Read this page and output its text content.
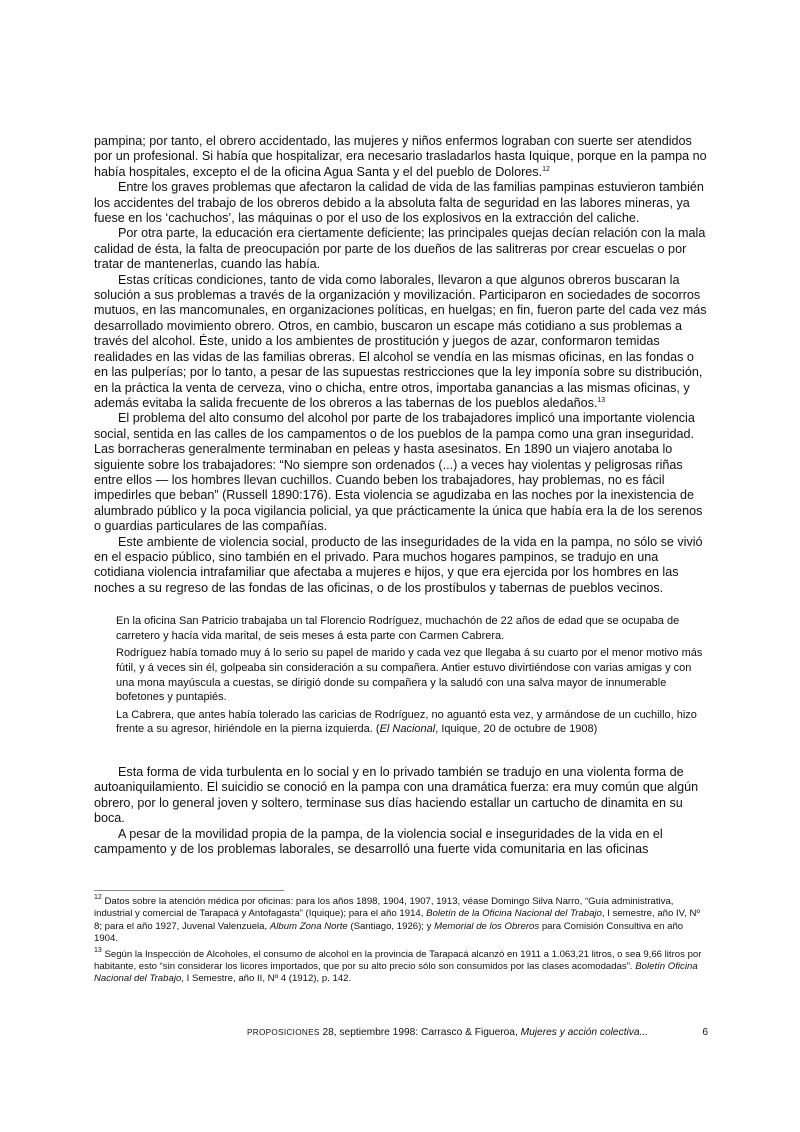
pampina; por tanto, el obrero accidentado, las mujeres y niños enfermos lograban con suerte ser atendidos por un profesional. Si había que hospitalizar, era necesario trasladarlos hasta Iquique, porque en la pampa no había hospitales, excepto el de la oficina Agua Santa y el del pueblo de Dolores.$^{12}$

Entre los graves problemas que afectaron la calidad de vida de las familias pampinas estuvieron también los accidentes del trabajo de los obreros debido a la absoluta falta de seguridad en las labores mineras, ya fuese en los ‘cachuchos’, las máquinas o por el uso de los explosivos en la extracción del caliche.

Por otra parte, la educación era ciertamente deficiente; las principales quejas decían relación con la mala calidad de ésta, la falta de preocupación por parte de los dueños de las salitreras por crear escuelas o por tratar de mantenerlas, cuando las había.

Estas críticas condiciones, tanto de vida como laborales, llevaron a que algunos obreros buscaran la solución a sus problemas a través de la organización y movilización. Participaron en sociedades de socorros mutuos, en las mancomunales, en organizaciones políticas, en huelgas; en fin, fueron parte del cada vez más desarrollado movimiento obrero. Otros, en cambio, buscaron un escape más cotidiano a sus problemas a través del alcohol. Éste, unido a los ambientes de prostitución y juegos de azar, conformaron temidas realidades en las vidas de las familias obreras. El alcohol se vendía en las mismas oficinas, en las fondas o en las pulperías; por lo tanto, a pesar de las supuestas restricciones que la ley imponía sobre su distribución, en la práctica la venta de cerveza, vino o chicha, entre otros, importaba ganancias a las mismas oficinas, y además evitaba la salida frecuente de los obreros a las tabernas de los pueblos aledaños.$^{13}$

El problema del alto consumo del alcohol por parte de los trabajadores implicó una importante violencia social, sentida en las calles de los campamentos o de los pueblos de la pampa como una gran inseguridad. Las borracheras generalmente terminaban en peleas y hasta asesinatos. En 1890 un viajero anotaba lo siguiente sobre los trabajadores: “No siempre son ordenados (...) a veces hay violentas y peligrosas riñas entre ellos — los hombres llevan cuchillos. Cuando beben los trabajadores, hay problemas, no es fácil impedirles que beban” (Russell 1890:176). Esta violencia se agudizaba en las noches por la inexistencia de alumbrado público y la poca vigilancia policial, ya que prácticamente la única que había era la de los serenos o guardias particulares de las compañías.

Este ambiente de violencia social, producto de las inseguridades de la vida en la pampa, no sólo se vivió en el espacio público, sino también en el privado. Para muchos hogares pampinos, se tradujo en una cotidiana violencia intrafamiliar que afectaba a mujeres e hijos, y que era ejercida por los hombres en las noches a su regreso de las fondas de las oficinas, o de los prostíbulos y tabernas de pueblos vecinos.

En la oficina San Patricio trabajaba un tal Florencio Rodríguez, muchachón de 22 años de edad que se ocupaba de carretero y hacía vida marital, de seis meses á esta parte con Carmen Cabrera.

Rodríguez había tomado muy á lo serio su papel de marido y cada vez que llegaba á su cuarto por el menor motivo más fútil, y á veces sin él, golpeaba sin consideración a su compañera. Antier estuvo divirtiéndose con varias amigas y con una mona mayúscula a cuestas, se dirigió donde su compañera y la saludó con una salva mayor de innumerable bofetones y puntapiés.

La Cabrera, que antes había tolerado las caricias de Rodríguez, no aguantó esta vez, y armándose de un cuchillo, hizo frente a su agresor, hiriéndole en la pierna izquierda. (El Nacional, Iquique, 20 de octubre de 1908)

Esta forma de vida turbulenta en lo social y en lo privado también se tradujo en una violenta forma de autoaniquilamiento. El suicidio se conoció en la pampa con una dramática fuerza: era muy común que algún obrero, por lo general joven y soltero, terminase sus días haciendo estallar un cartucho de dinamita en su boca.

A pesar de la movilidad propia de la pampa, de la violencia social e inseguridades de la vida en el campamento y de los problemas laborales, se desarrolló una fuerte vida comunitaria en las oficinas

$^{12}$ Datos sobre la atención médica por oficinas: para los años 1898, 1904, 1907, 1913, véase Domingo Silva Narro, “Guía administrativa, industrial y comercial de Tarapacá y Antofagasta” (Iquique); para el año 1914, Boletín de la Oficina Nacional del Trabajo, I semestre, año IV, Nº 8; para el año 1927, Juvenal Valenzuela, Album Zona Norte (Santiago, 1926); y Memorial de los Obreros para Comisión Consultiva en año 1904.

$^{13}$ Según la Inspección de Alcoholes, el consumo de alcohol en la provincia de Tarapacá alcanzó en 1911 a 1.063,21 litros, o sea 9,66 litros por habitante, esto “sin considerar los licores importados, que por su alto precio sólo son consumidos por las clases acomodadas”. Boletín Oficina Nacional del Trabajo, I Semestre, año II, Nº 4 (1912), p. 142.

PROPOSICIONES 28, septiembre 1998: Carrasco & Figueroa, Mujeres y acción colectiva...	6
